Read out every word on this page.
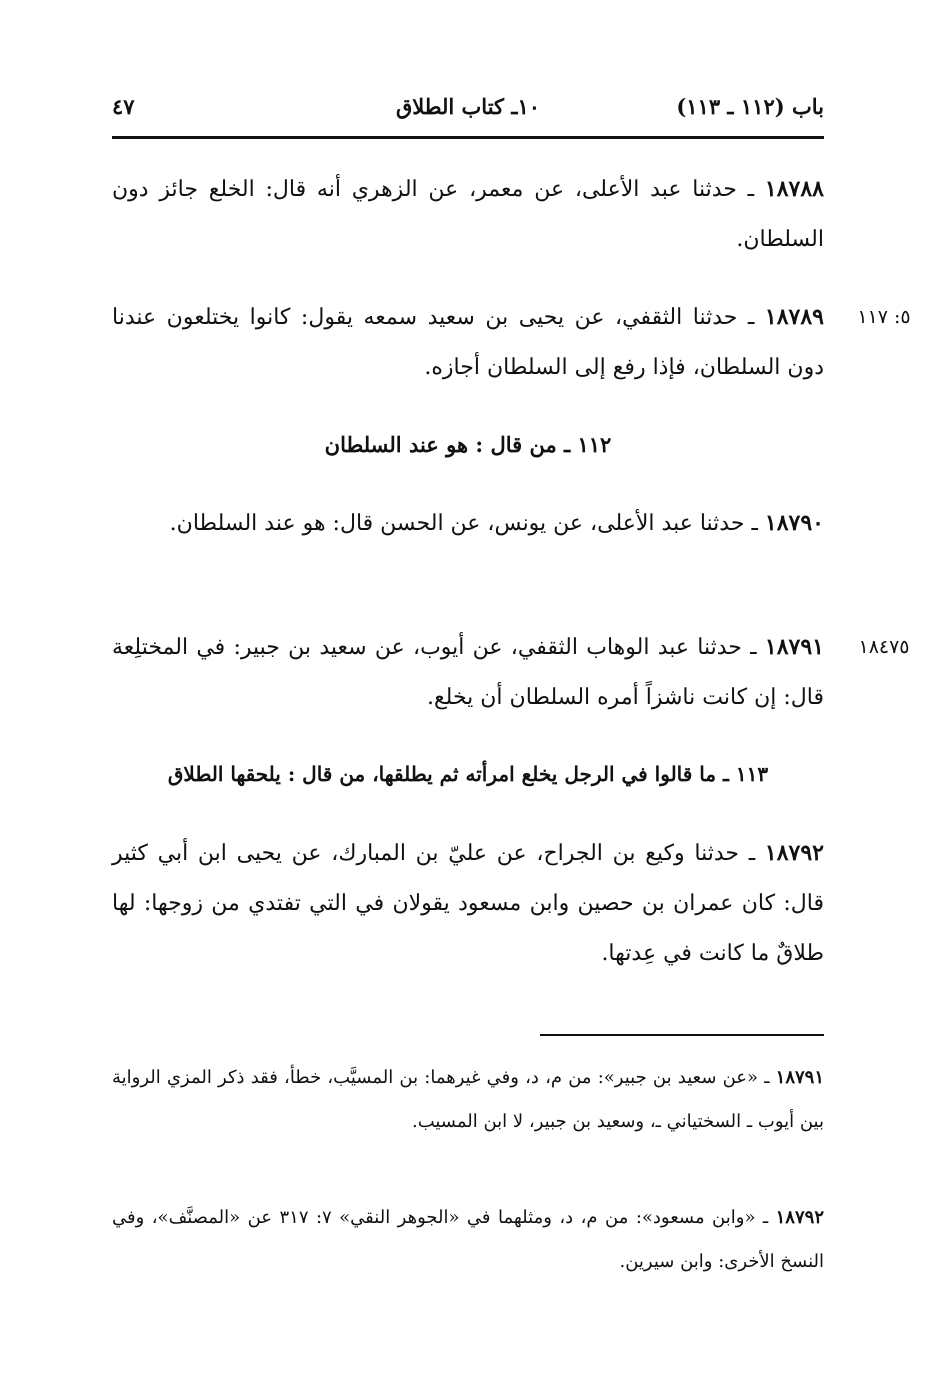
باب (١١٢ ـ ١١٣)
١٠ـ كتاب الطلاق
٤٧
١٨٧٨٨ ـ حدثنا عبد الأعلى، عن معمر، عن الزهري أنه قال: الخلع جائز دون السلطان.
٥: ١١٧
١٨٧٨٩ ـ حدثنا الثقفي، عن يحيى بن سعيد سمعه يقول: كانوا يختلعون عندنا دون السلطان، فإذا رفع إلى السلطان أجازه.
١١٢ ـ من قال : هو عند السلطان
١٨٧٩٠ ـ حدثنا عبد الأعلى، عن يونس، عن الحسن قال: هو عند السلطان.
١٨٤٧٥
١٨٧٩١ ـ حدثنا عبد الوهاب الثقفي، عن أيوب، عن سعيد بن جبير: في المختلِعة قال: إن كانت ناشزاً أمره السلطان أن يخلع.
١١٣ ـ ما قالوا في الرجل يخلع امرأته ثم يطلقها، من قال : يلحقها الطلاق
١٨٧٩٢ ـ حدثنا وكيع بن الجراح، عن عليّ بن المبارك، عن يحيى ابن أبي كثير قال: كان عمران بن حصين وابن مسعود يقولان في التي تفتدي من زوجها: لها طلاقٌ ما كانت في عِدتها.
١٨٧٩١ ـ «عن سعيد بن جبير»: من م، د، وفي غيرهما: بن المسيَّب، خطأ، فقد ذكر المزي الرواية بين أيوب ـ السختياني ـ، وسعيد بن جبير، لا ابن المسيب.
١٨٧٩٢ ـ «وابن مسعود»: من م، د، ومثلهما في «الجوهر النقي» ٧: ٣١٧ عن «المصنَّف»، وفي النسخ الأخرى: وابن سيرين.
